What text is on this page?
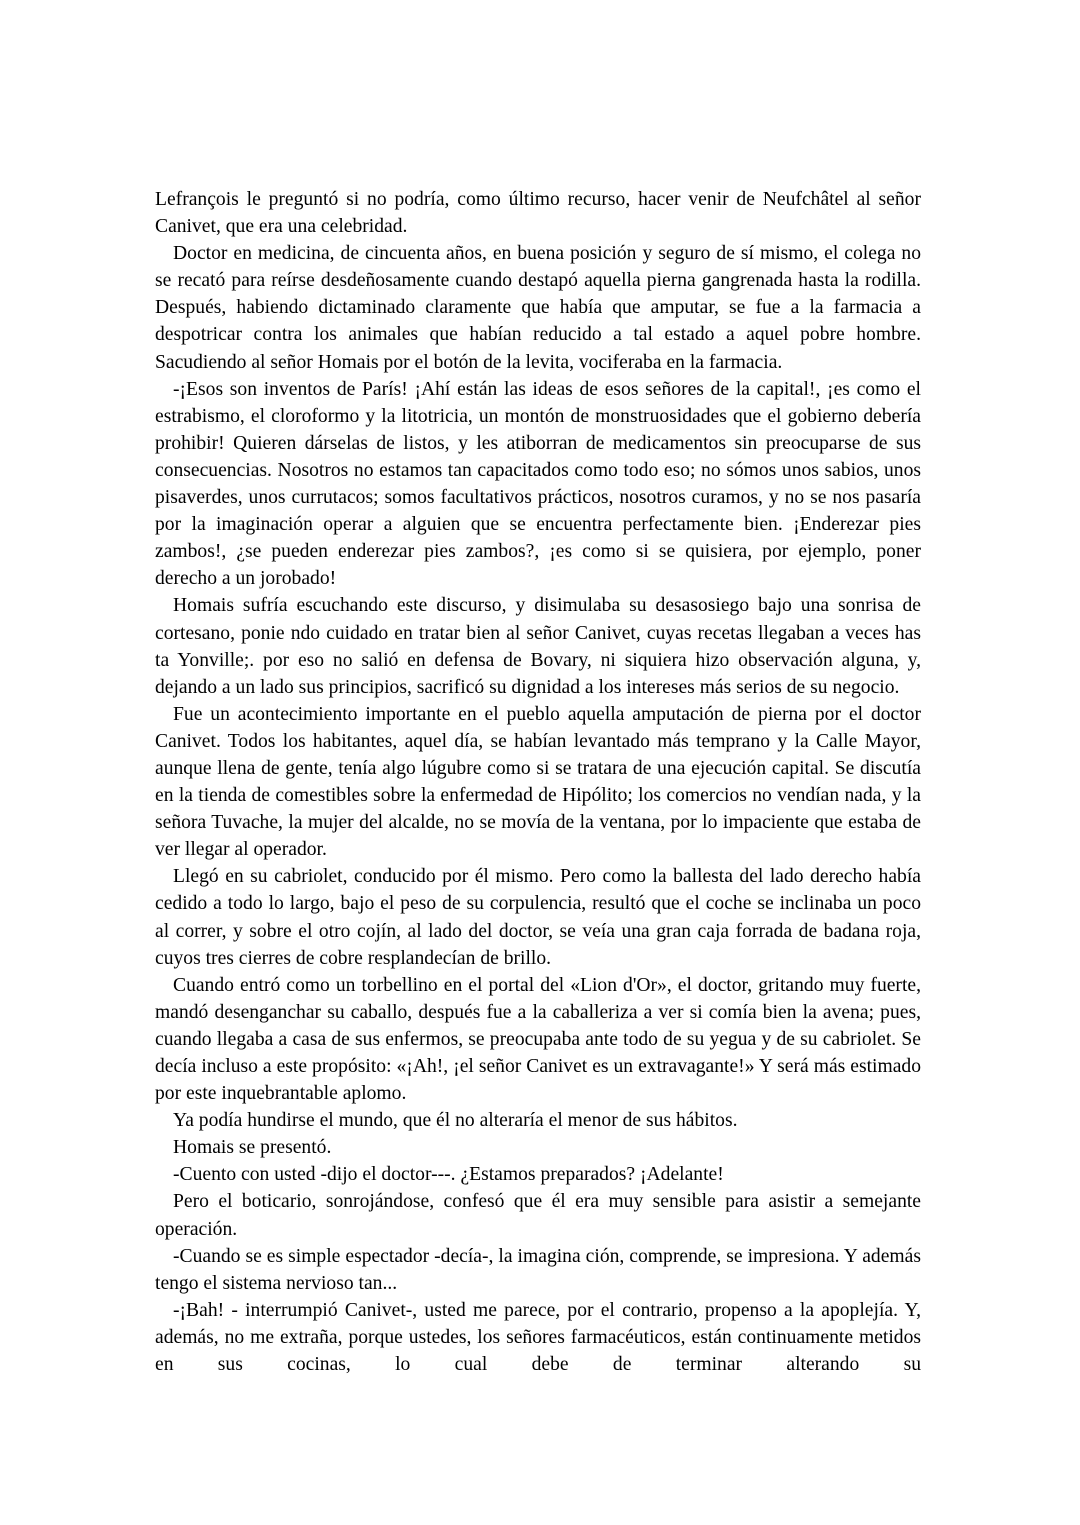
Lefrançois le preguntó si no podría, como último recurso, hacer venir de Neufchâtel al señor Canivet, que era una celebridad.

Doctor en medicina, de cincuenta años, en buena posición y seguro de sí mismo, el colega no se recató para reírse desdeñosamente cuando destapó aquella pierna gangrenada hasta la rodilla. Después, habiendo dictaminado claramente que había que amputar, se fue a la farmacia a despotricar contra los animales que habían reducido a tal estado a aquel pobre hombre. Sacudiendo al señor Homais por el botón de la levita, vociferaba en la farmacia.

-¡Esos son inventos de París! ¡Ahí están las ideas de esos señores de la capital!, ¡es como el estrabismo, el cloroformo y la litotricia, un montón de monstruosidades que el gobierno debería prohibir! Quieren dárselas de listos, y les atiborran de medicamentos sin preocuparse de sus consecuencias. Nosotros no estamos tan capacitados como todo eso; no sómos unos sabios, unos pisaverdes, unos currutacos; somos facultativos prácticos, nosotros curamos, y no se nos pasaría por la imaginación operar a alguien que se encuentra perfectamente bien. ¡Enderezar pies zambos!, ¿se pueden enderezar pies zambos?, ¡es como si se quisiera, por ejemplo, poner derecho a un jorobado!

Homais sufría escuchando este discurso, y disimulaba su desasosiego bajo una sonrisa de cortesano, ponie ndo cuidado en tratar bien al señor Canivet, cuyas recetas llegaban a veces has ta Yonville;. por eso no salió en defensa de Bovary, ni siquiera hizo observación alguna, y, dejando a un lado sus principios, sacrificó su dignidad a los intereses más serios de su negocio.

Fue un acontecimiento importante en el pueblo aquella amputación de pierna por el doctor Canivet. Todos los habitantes, aquel día, se habían levantado más temprano y la Calle Mayor, aunque llena de gente, tenía algo lúgubre como si se tratara de una ejecución capital. Se discutía en la tienda de comestibles sobre la enfermedad de Hipólito; los comercios no vendían nada, y la señora Tuvache, la mujer del alcalde, no se movía de la ventana, por lo impaciente que estaba de ver llegar al operador.

Llegó en su cabriolet, conducido por él mismo. Pero como la ballesta del lado derecho había cedido a todo lo largo, bajo el peso de su corpulencia, resultó que el coche se inclinaba un poco al correr, y sobre el otro cojín, al lado del doctor, se veía una gran caja forrada de badana roja, cuyos tres cierres de cobre resplandecían de brillo.

Cuando entró como un torbellino en el portal del «Lion d'Or», el doctor, gritando muy fuerte, mandó desenganchar su caballo, después fue a la caballeriza a ver si comía bien la avena; pues, cuando llegaba a casa de sus enfermos, se preocupaba ante todo de su yegua y de su cabriolet. Se decía incluso a este propósito: «¡Ah!, ¡el señor Canivet es un extravagante!» Y será más estimado por este inquebrantable aplomo.

Ya podía hundirse el mundo, que él no alteraría el menor de sus hábitos.

Homais se presentó.

-Cuento con usted -dijo el doctor---. ¿Estamos preparados? ¡Adelante!

Pero el boticario, sonrojándose, confesó que él era muy sensible para asistir a semejante operación.

-Cuando se es simple espectador -decía-, la imagina ción, comprende, se impresiona. Y además tengo el sistema nervioso tan...

-¡Bah! - interrumpió Canivet-, usted me parece, por el contrario, propenso a la apoplejía. Y, además, no me extraña, porque ustedes, los señores farmacéuticos, están continuamente metidos en sus cocinas, lo cual debe de terminar alterando su
